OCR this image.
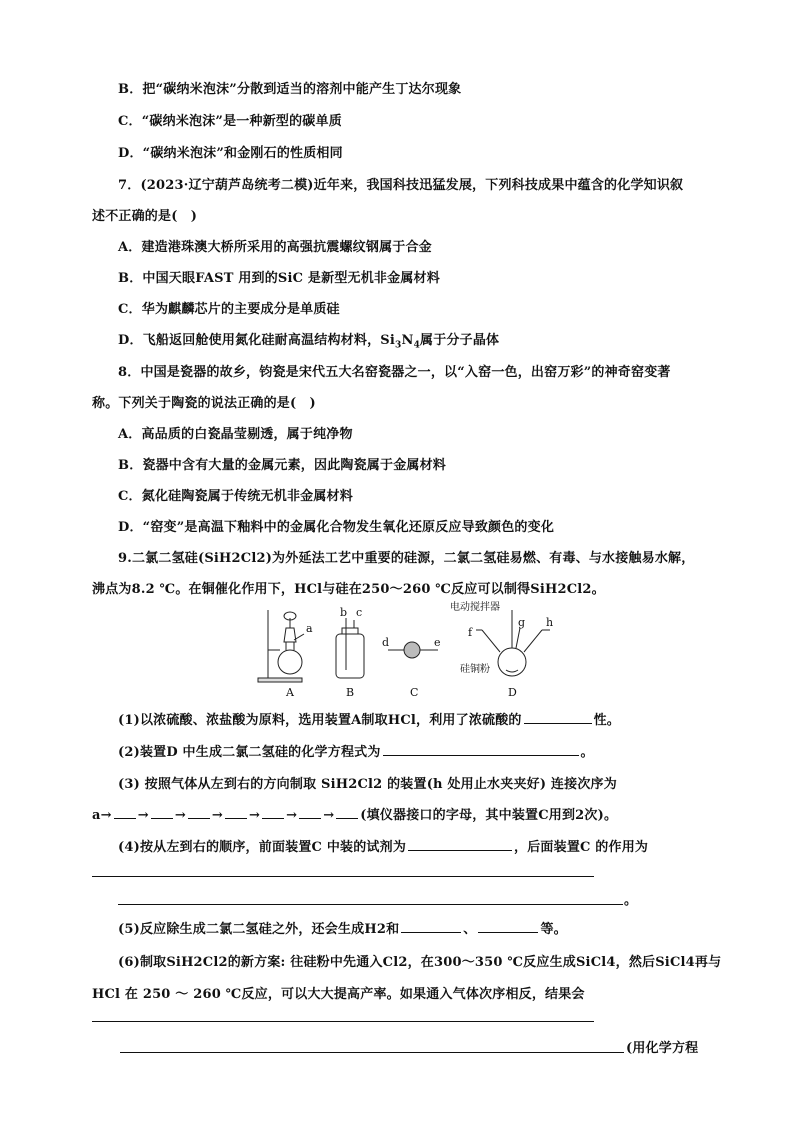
B．把“碳纳米泡沫”分散到适当的溶剂中能产生丁达尔现象
C．“碳纳米泡沫”是一种新型的碳单质
D．“碳纳米泡沫”和金刚石的性质相同
7．(2023·辽宁葫芦岛统考二模)近年来，我国科技迅猛发展，下列科技成果中蕴含的化学知识叙
述不正确的是(　)
A．建造港珠澳大桥所采用的高强抗震螺纹钢属于合金
B．中国天眼FAST 用到的SiC 是新型无机非金属材料
C．华为麒麟芯片的主要成分是单质硅
D．飞船返回舱使用氮化硅耐高温结构材料，$Si_3N_4$属于分子晶体
8．中国是瓷器的故乡，钧瓷是宋代五大名窑瓷器之一，以“入窑一色，出窑万彩”的神奇窑变著
称。下列关于陶瓷的说法正确的是(　)
A．高品质的白瓷晶莹剔透，属于纯净物
B．瓷器中含有大量的金属元素，因此陶瓷属于金属材料
C．氮化硅陶瓷属于传统无机非金属材料
D．“窑变”是高温下釉料中的金属化合物发生氧化还原反应导致颜色的变化
9.二氯二氢硅(SiH2Cl2)为外延法工艺中重要的硅源，二氯二氢硅易燃、有毒、与水接触易水解，
沸点为8.2 ℃。在铜催化作用下，HCl与硅在250～260 ℃反应可以制得SiH2Cl2。
a
b c
d	e
电动搅拌器
f
g h
硅铜粉
A	B	C	D
(1)以浓硫酸、浓盐酸为原料，选用装置A制取HCl，利用了浓硫酸的	性。
(2)装置D 中生成二氯二氢硅的化学方程式为	。
(3) 按照气体从左到右的方向制取 SiH2Cl2 的装置(h 处用止水夹夹好) 连接次序为
a→ → → → → → → (填仪器接口的字母，其中装置C用到2次)。
(4)按从左到右的顺序，前面装置C 中装的试剂为	，后面装置C 的作用为
。
(5)反应除生成二氯二氢硅之外，还会生成H2和	、	等。
(6)制取SiH2Cl2的新方案: 往硅粉中先通入Cl2，在300～350 ℃反应生成SiCl4，然后SiCl4再与
HCl 在 250 ～ 260 ℃反应，可以大大提高产率。如果通入气体次序相反，结果会
(用化学方程
